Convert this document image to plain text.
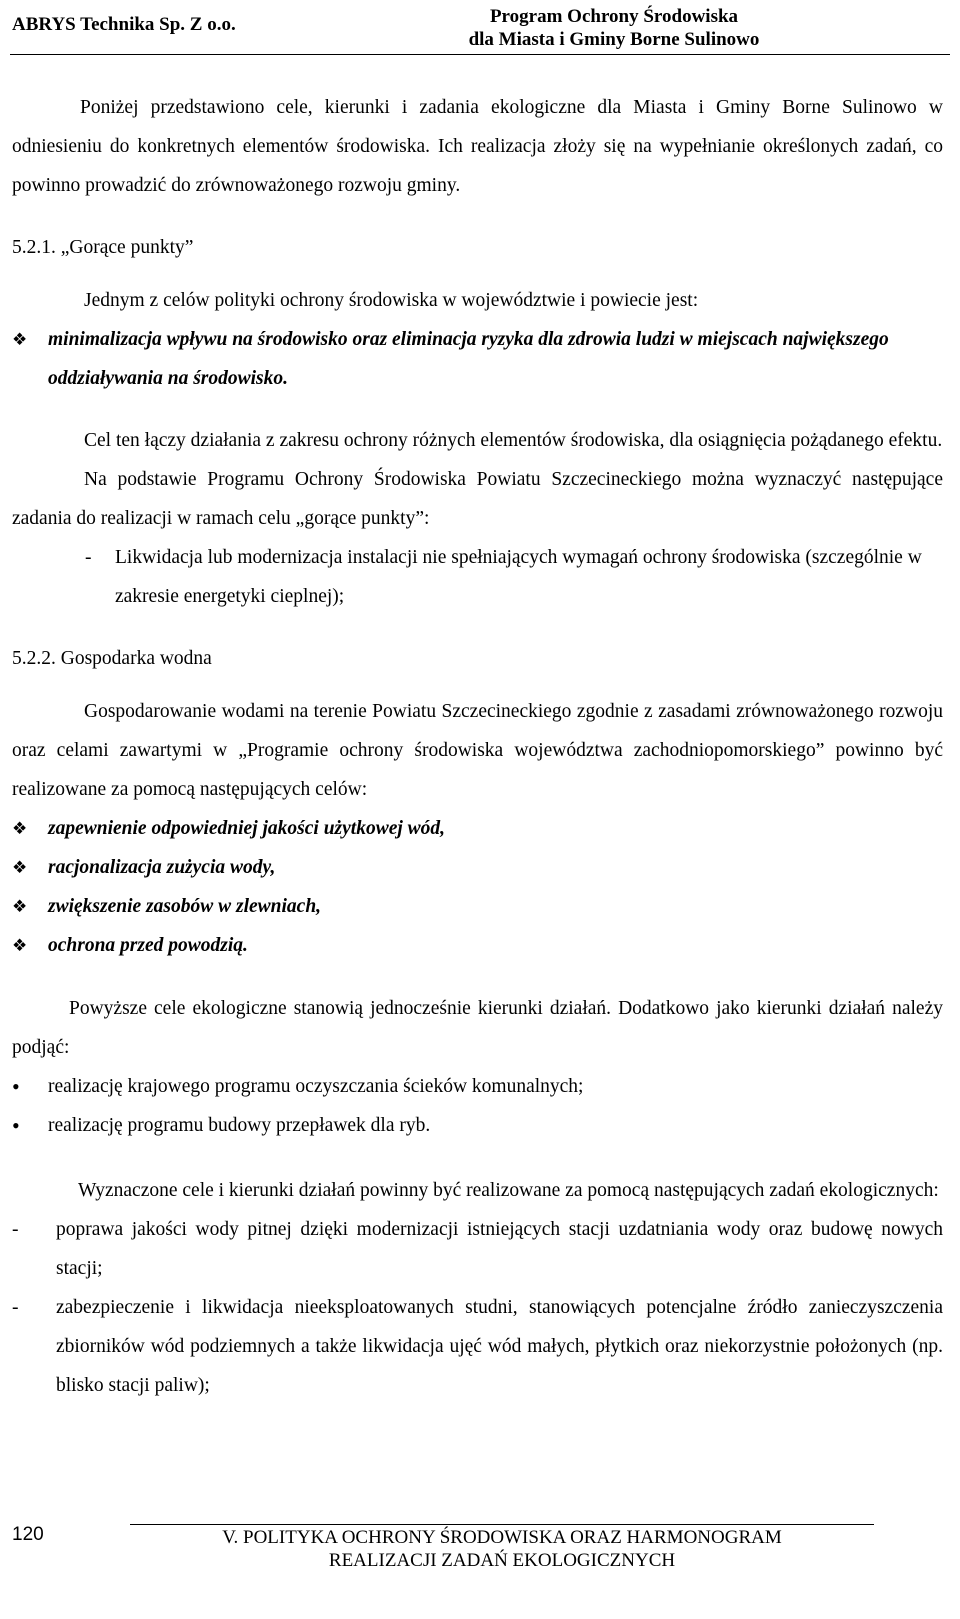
ABRYS Technika Sp. Z o.o.	Program Ochrony Środowiska
dla Miasta i Gminy Borne Sulinowo

Poniżej przedstawiono cele, kierunki i zadania ekologiczne dla Miasta i Gminy Borne Sulinowo w odniesieniu do konkretnych elementów środowiska. Ich realizacja złoży się na wypełnianie określonych zadań, co powinno prowadzić do zrównoważonego rozwoju gminy.

5.2.1. „Gorące punkty”

Jednym z celów polityki ochrony środowiska w województwie i powiecie jest:

❖ minimalizacja wpływu na środowisko oraz eliminacja ryzyka dla zdrowia ludzi w miejscach największego oddziaływania na środowisko.

Cel ten łączy działania z zakresu ochrony różnych elementów środowiska, dla osiągnięcia pożądanego efektu.

Na podstawie Programu Ochrony Środowiska Powiatu Szczecineckiego można wyznaczyć następujące zadania do realizacji w ramach celu „gorące punkty”:

- Likwidacja lub modernizacja instalacji nie spełniających wymagań ochrony środowiska (szczególnie w zakresie energetyki cieplnej);

5.2.2. Gospodarka wodna

Gospodarowanie wodami na terenie Powiatu Szczecineckiego zgodnie z zasadami zrównoważonego rozwoju oraz celami zawartymi w „Programie ochrony środowiska województwa zachodniopomorskiego” powinno być realizowane za pomocą następujących celów:

❖ zapewnienie odpowiedniej jakości użytkowej wód,
❖ racjonalizacja zużycia wody,
❖ zwiększenie zasobów w zlewniach,
❖ ochrona przed powodzią.

Powyższe cele ekologiczne stanowią jednocześnie kierunki działań. Dodatkowo jako kierunki działań należy podjąć:

• realizację krajowego programu oczyszczania ścieków komunalnych;
• realizację programu budowy przepławek dla ryb.

Wyznaczone cele i kierunki działań powinny być realizowane za pomocą następujących zadań ekologicznych:

- poprawa jakości wody pitnej dzięki modernizacji istniejących stacji uzdatniania wody oraz budowę nowych stacji;
- zabezpieczenie i likwidacja nieeksploatowanych studni, stanowiących potencjalne źródło zanieczyszczenia zbiorników wód podziemnych a także likwidacja ujęć wód małych, płytkich oraz niekorzystnie położonych (np. blisko stacji paliw);
120	V. POLITYKA OCHRONY ŚRODOWISKA ORAZ HARMONOGRAM
REALIZACJI ZADAŃ EKOLOGICZNYCH
